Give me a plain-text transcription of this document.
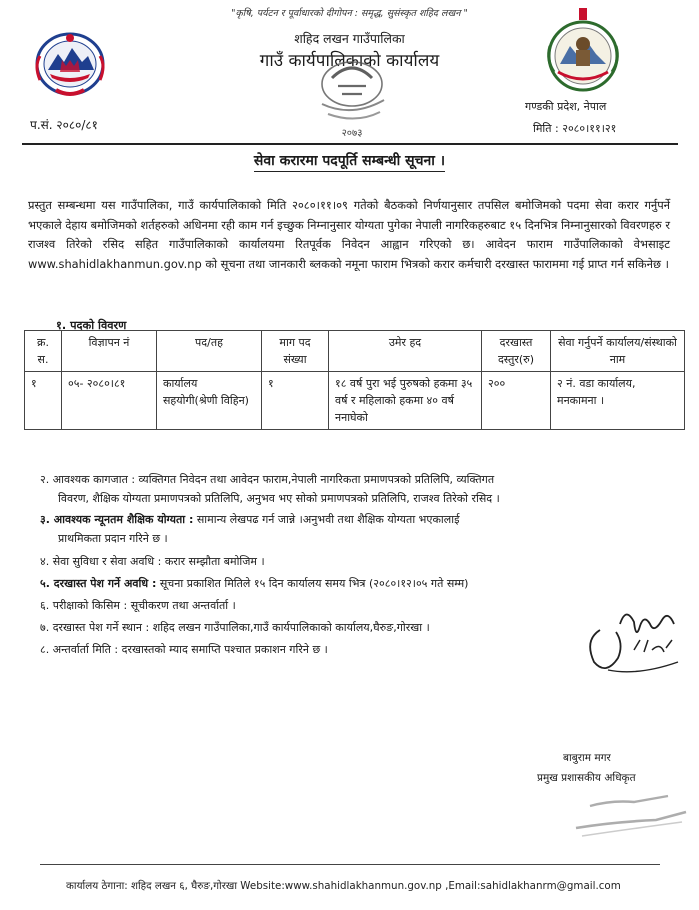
"कृषि, पर्यटन र पूर्वाधारको दीगोपन : समृद्ध, सुसंस्कृत शहिद लखन "
शहिद लखन गाउँपालिका
गाउँ कार्यपालिकाको कार्यालय
२०७३
प.सं. २०८०/८१
गण्डकी प्रदेश, नेपाल
मिति : २०८०।११।२१
सेवा करारमा पदपूर्ति सम्बन्धी सूचना ।
प्रस्तुत सम्बन्धमा यस गाउँपालिका, गाउँ कार्यपालिकाको मिति २०८०।११।०९ गतेको बैठकको निर्णयानुसार तपसिल बमोजिमको पदमा सेवा करार गर्नुपर्ने भएकाले देहाय बमोजिमको शर्तहरुको अधिनमा रही काम गर्न इच्छुक निम्नानुसार योग्यता पुगेका नेपाली नागरिकहरुबाट १५ दिनभित्र निम्नानुसारको विवरणहरु र राजश्व तिरेको रसिद सहित गाउँपालिकाको कार्यालयमा रितपूर्वक निवेदन आह्वान गरिएको छ। आवेदन फाराम गाउँपालिकाको वेभसाइट www.shahidlakhanmun.gov.np को सूचना तथा जानकारी ब्लकको नमूना फाराम भित्रको करार कर्मचारी दरखास्त फाराममा गई प्राप्त गर्न सकिनेछ ।
१. पदको विवरण
क्र. स.	विज्ञापन नं	पद/तह	माग पद संख्या	उमेर हद	दरखास्त दस्तुर(रु)	सेवा गर्नुपर्ने कार्यालय/संस्थाको नाम
१	०५- २०८०।८१	कार्यालय सहयोगी(श्रेणी विहिन)	१	१८ वर्ष पुरा भई पुरुषको हकमा ३५ वर्ष र महिलाको हकमा ४० वर्ष ननाघेको	२००	२ नं. वडा कार्यालय, मनकामना ।
२. आवश्यक कागजात : व्यक्तिगत निवेदन तथा आवेदन फाराम,नेपाली नागरिकता प्रमाणपत्रको प्रतिलिपि, व्यक्तिगत
विवरण, शैक्षिक योग्यता प्रमाणपत्रको प्रतिलिपि, अनुभव भए सोको प्रमाणपत्रको प्रतिलिपि, राजश्व तिरेको रसिद ।
३. आवश्यक न्यूनतम शैक्षिक योग्यता : सामान्य लेखपढ गर्न जान्ने ।अनुभवी तथा शैक्षिक योग्यता भएकालाई
प्राथमिकता प्रदान गरिने छ ।
४. सेवा सुविधा र सेवा अवधि : करार सम्झौता बमोजिम ।
५. दरखास्त पेश गर्ने अवधि : सूचना प्रकाशित मितिले १५ दिन कार्यालय समय भित्र (२०८०।१२।०५ गते सम्म)
६. परीक्षाको किसिम : सूचीकरण तथा अन्तर्वार्ता ।
७. दरखास्त पेश गर्ने स्थान : शहिद लखन गाउँपालिका,गाउँ कार्यपालिकाको कार्यालय,घैरुङ,गोरखा ।
८. अन्तर्वार्ता मिति : दरखास्तको म्याद समाप्ति पश्चात प्रकाशन गरिने छ ।
बाबुराम मगर
प्रमुख प्रशासकीय अधिकृत
कार्यालय ठेगाना: शहिद लखन ६, घैरुङ,गोरखा Website:www.shahidlakhanmun.gov.np ,Email:sahidlakhanrm@gmail.com
